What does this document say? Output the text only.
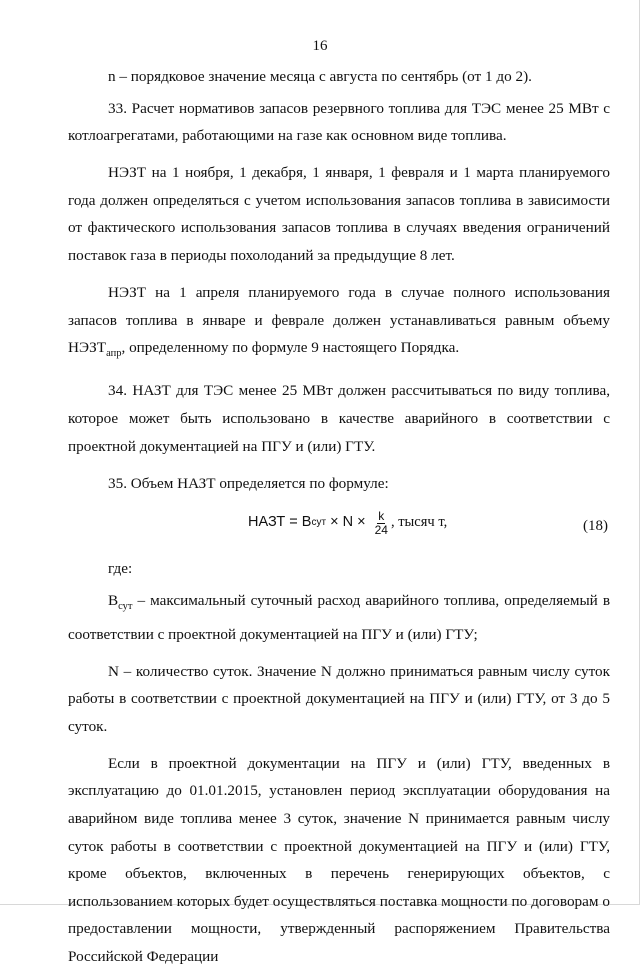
16

n – порядковое значение месяца с августа по сентябрь (от 1 до 2).

33. Расчет нормативов запасов резервного топлива для ТЭС менее 25 МВт с котлоагрегатами, работающими на газе как основном виде топлива.

НЭЗТ на 1 ноября, 1 декабря, 1 января, 1 февраля и 1 марта планируемого года должен определяться с учетом использования запасов топлива в зависимости от фактического использования запасов топлива в случаях введения ограничений поставок газа в периоды похолоданий за предыдущие 8 лет.

НЭЗТ на 1 апреля планируемого года в случае полного использования запасов топлива в январе и феврале должен устанавливаться равным объему $НЭЗТ_{апр}$, определенному по формуле 9 настоящего Порядка.

34. НАЗТ для ТЭС менее 25 МВт должен рассчитываться по виду топлива, которое может быть использовано в качестве аварийного в соответствии с проектной документацией на ПГУ и (или) ГТУ.

35. Объем НАЗТ определяется по формуле:

НАЗТ = B сут × $N \times \frac{k}{24}$ , тысяч т,	(18)

где:

$B_{сут}$ – максимальный суточный расход аварийного топлива, определяемый в соответствии с проектной документацией на ПГУ и (или) ГТУ;

N – количество суток. Значение N должно приниматься равным числу суток работы в соответствии с проектной документацией на ПГУ и (или) ГТУ, от 3 до 5 суток.

Если в проектной документации на ПГУ и (или) ГТУ, введенных в эксплуатацию до 01.01.2015, установлен период эксплуатации оборудования на аварийном виде топлива менее 3 суток, значение N принимается равным числу суток работы в соответствии с проектной документацией на ПГУ и (или) ГТУ, кроме объектов, включенных в перечень генерирующих объектов, с использованием которых будет осуществляться поставка мощности по договорам о предоставлении мощности, утвержденный распоряжением Правительства Российской Федерации
